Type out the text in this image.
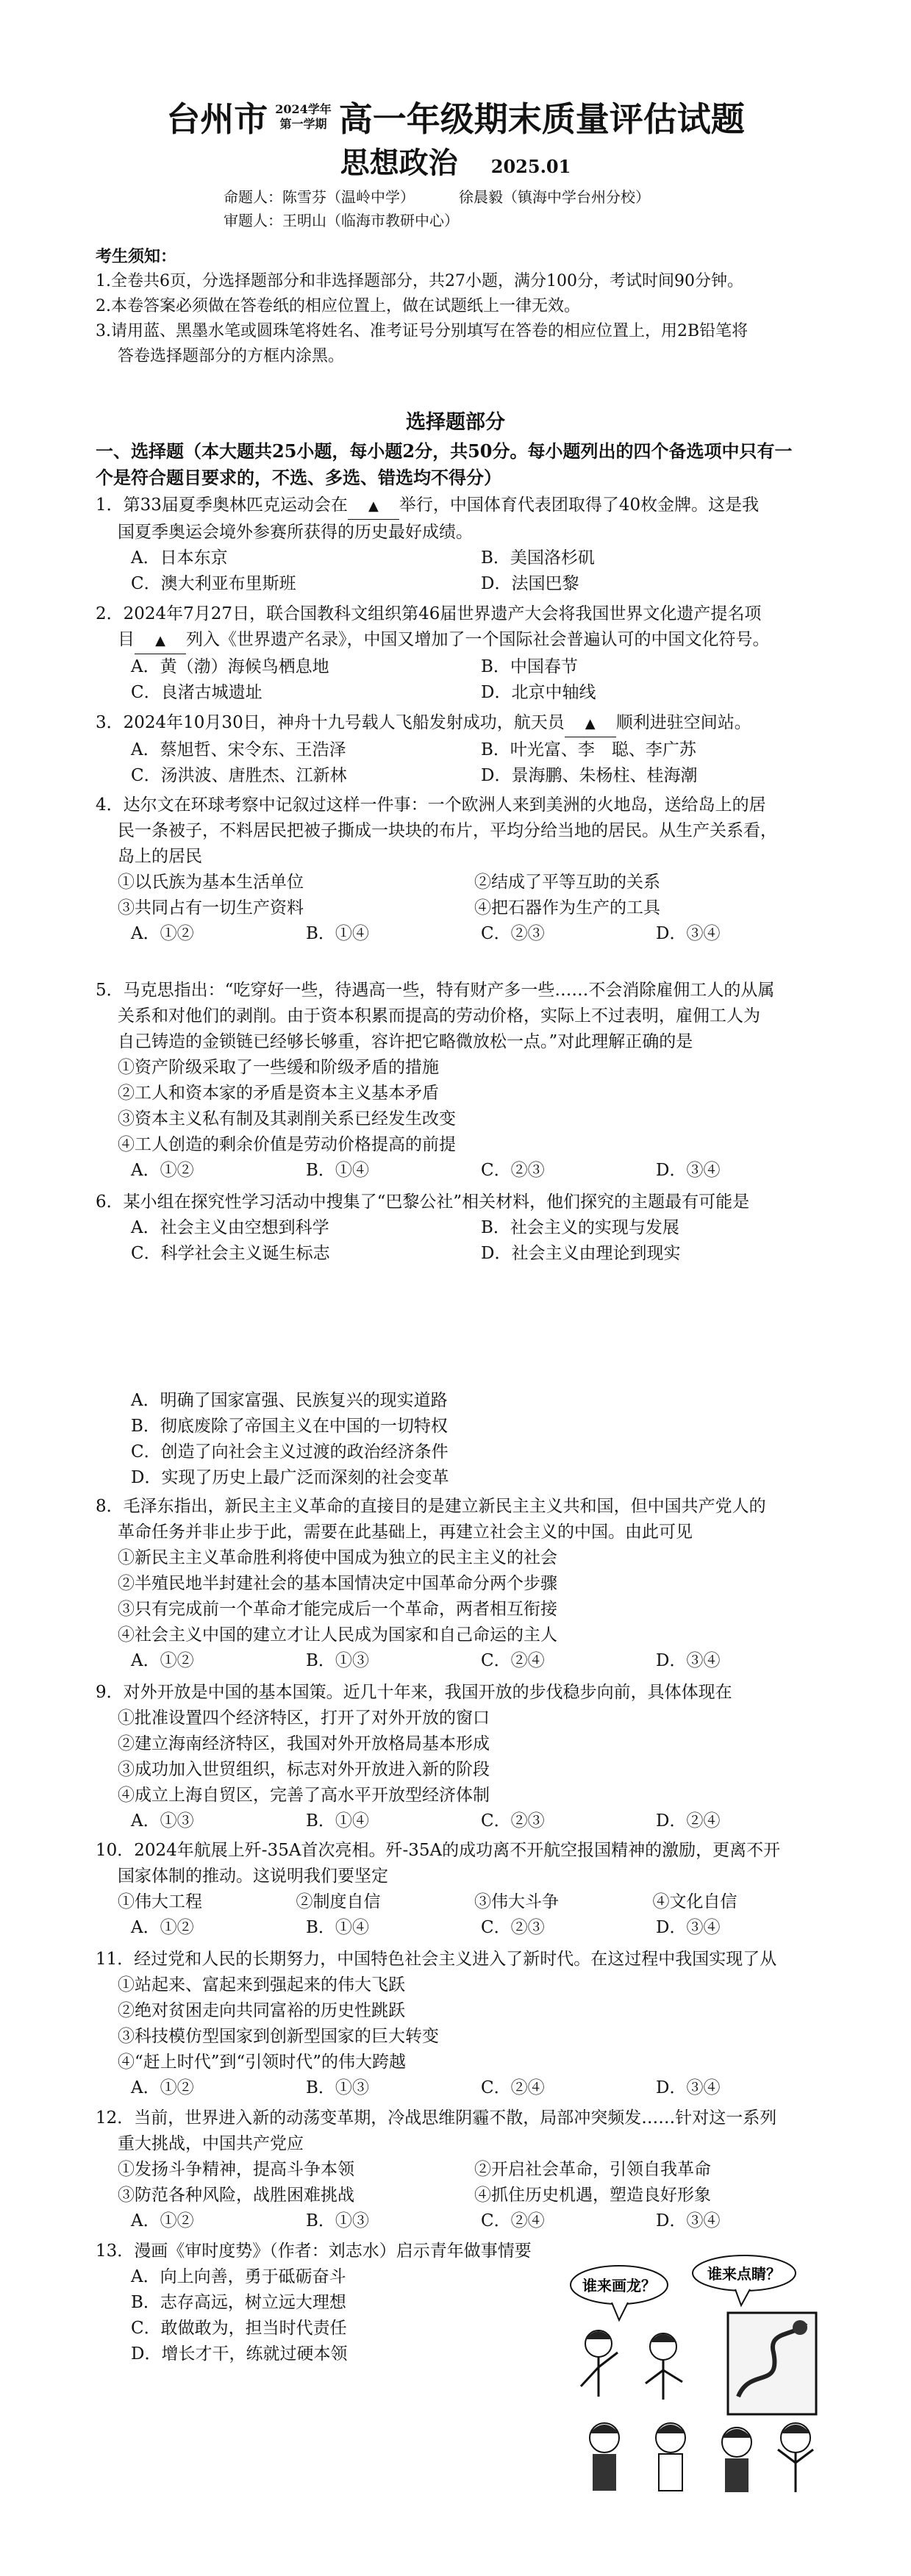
台州市 2024学年
第一学期 高一年级期末质量评估试题
思想政治 2025.01
命题人：陈雪芬（温岭中学）	徐晨毅（镇海中学台州分校）
审题人：王明山（临海市教研中心）
考生须知：
1.全卷共6页，分选择题部分和非选择题部分，共27小题，满分100分，考试时间90分钟。
2.本卷答案必须做在答卷纸的相应位置上，做在试题纸上一律无效。
3.请用蓝、黑墨水笔或圆珠笔将姓名、准考证号分别填写在答卷的相应位置上，用2B铅笔将
答卷选择题部分的方框内涂黑。
选择题部分
一、选择题（本大题共25小题，每小题2分，共50分。每小题列出的四个备选项中只有一
个是符合题目要求的，不选、多选、错选均不得分）
1．第33届夏季奥林匹克运动会在 ▲ 举行，中国体育代表团取得了40枚金牌。这是我
国夏季奥运会境外参赛所获得的历史最好成绩。
A．日本东京	B．美国洛杉矶
C．澳大利亚布里斯班	D．法国巴黎
2．2024年7月27日，联合国教科文组织第46届世界遗产大会将我国世界文化遗产提名项
目 ▲ 列入《世界遗产名录》，中国又增加了一个国际社会普遍认可的中国文化符号。
A．黄（渤）海候鸟栖息地	B．中国春节
C．良渚古城遗址	D．北京中轴线
3．2024年10月30日，神舟十九号载人飞船发射成功，航天员 ▲ 顺利进驻空间站。
A．蔡旭哲、宋令东、王浩泽	B．叶光富、李　聪、李广苏
C．汤洪波、唐胜杰、江新林	D．景海鹏、朱杨柱、桂海潮
4．达尔文在环球考察中记叙过这样一件事：一个欧洲人来到美洲的火地岛，送给岛上的居
民一条被子，不料居民把被子撕成一块块的布片，平均分给当地的居民。从生产关系看，
岛上的居民
①以氏族为基本生活单位	②结成了平等互助的关系
③共同占有一切生产资料	④把石器作为生产的工具
A．①②	B．①④	C．②③	D．③④
5．马克思指出：“吃穿好一些，待遇高一些，特有财产多一些……不会消除雇佣工人的从属
关系和对他们的剥削。由于资本积累而提高的劳动价格，实际上不过表明，雇佣工人为
自己铸造的金锁链已经够长够重，容许把它略微放松一点。”对此理解正确的是
①资产阶级采取了一些缓和阶级矛盾的措施
②工人和资本家的矛盾是资本主义基本矛盾
③资本主义私有制及其剥削关系已经发生改变
④工人创造的剩余价值是劳动价格提高的前提
A．①②	B．①④	C．②③	D．③④
6．某小组在探究性学习活动中搜集了“巴黎公社”相关材料，他们探究的主题最有可能是
A．社会主义由空想到科学	B．社会主义的实现与发展
C．科学社会主义诞生标志	D．社会主义由理论到现实
A．明确了国家富强、民族复兴的现实道路
B．彻底废除了帝国主义在中国的一切特权
C．创造了向社会主义过渡的政治经济条件
D．实现了历史上最广泛而深刻的社会变革
8．毛泽东指出，新民主主义革命的直接目的是建立新民主主义共和国，但中国共产党人的
革命任务并非止步于此，需要在此基础上，再建立社会主义的中国。由此可见
①新民主主义革命胜利将使中国成为独立的民主主义的社会
②半殖民地半封建社会的基本国情决定中国革命分两个步骤
③只有完成前一个革命才能完成后一个革命，两者相互衔接
④社会主义中国的建立才让人民成为国家和自己命运的主人
A．①②	B．①③	C．②④	D．③④
9．对外开放是中国的基本国策。近几十年来，我国开放的步伐稳步向前，具体体现在
①批准设置四个经济特区，打开了对外开放的窗口
②建立海南经济特区，我国对外开放格局基本形成
③成功加入世贸组织，标志对外开放进入新的阶段
④成立上海自贸区，完善了高水平开放型经济体制
A．①③	B．①④	C．②③	D．②④
10．2024年航展上歼-35A首次亮相。歼-35A的成功离不开航空报国精神的激励，更离不开
国家体制的推动。这说明我们要坚定
①伟大工程	②制度自信	③伟大斗争	④文化自信
A．①②	B．①④	C．②③	D．③④
11．经过党和人民的长期努力，中国特色社会主义进入了新时代。在这过程中我国实现了从
①站起来、富起来到强起来的伟大飞跃
②绝对贫困走向共同富裕的历史性跳跃
③科技模仿型国家到创新型国家的巨大转变
④“赶上时代”到“引领时代”的伟大跨越
A．①②	B．①③	C．②④	D．③④
12．当前，世界进入新的动荡变革期，冷战思维阴霾不散，局部冲突频发……针对这一系列
重大挑战，中国共产党应
①发扬斗争精神，提高斗争本领	②开启社会革命，引领自我革命
③防范各种风险，战胜困难挑战	④抓住历史机遇，塑造良好形象
A．①②	B．①③	C．②④	D．③④
13．漫画《审时度势》（作者：刘志水）启示青年做事情要
A．向上向善，勇于砥砺奋斗
B．志存高远，树立远大理想
C．敢做敢为，担当时代责任
D．增长才干，练就过硬本领
谁来画龙？
谁来点睛？
